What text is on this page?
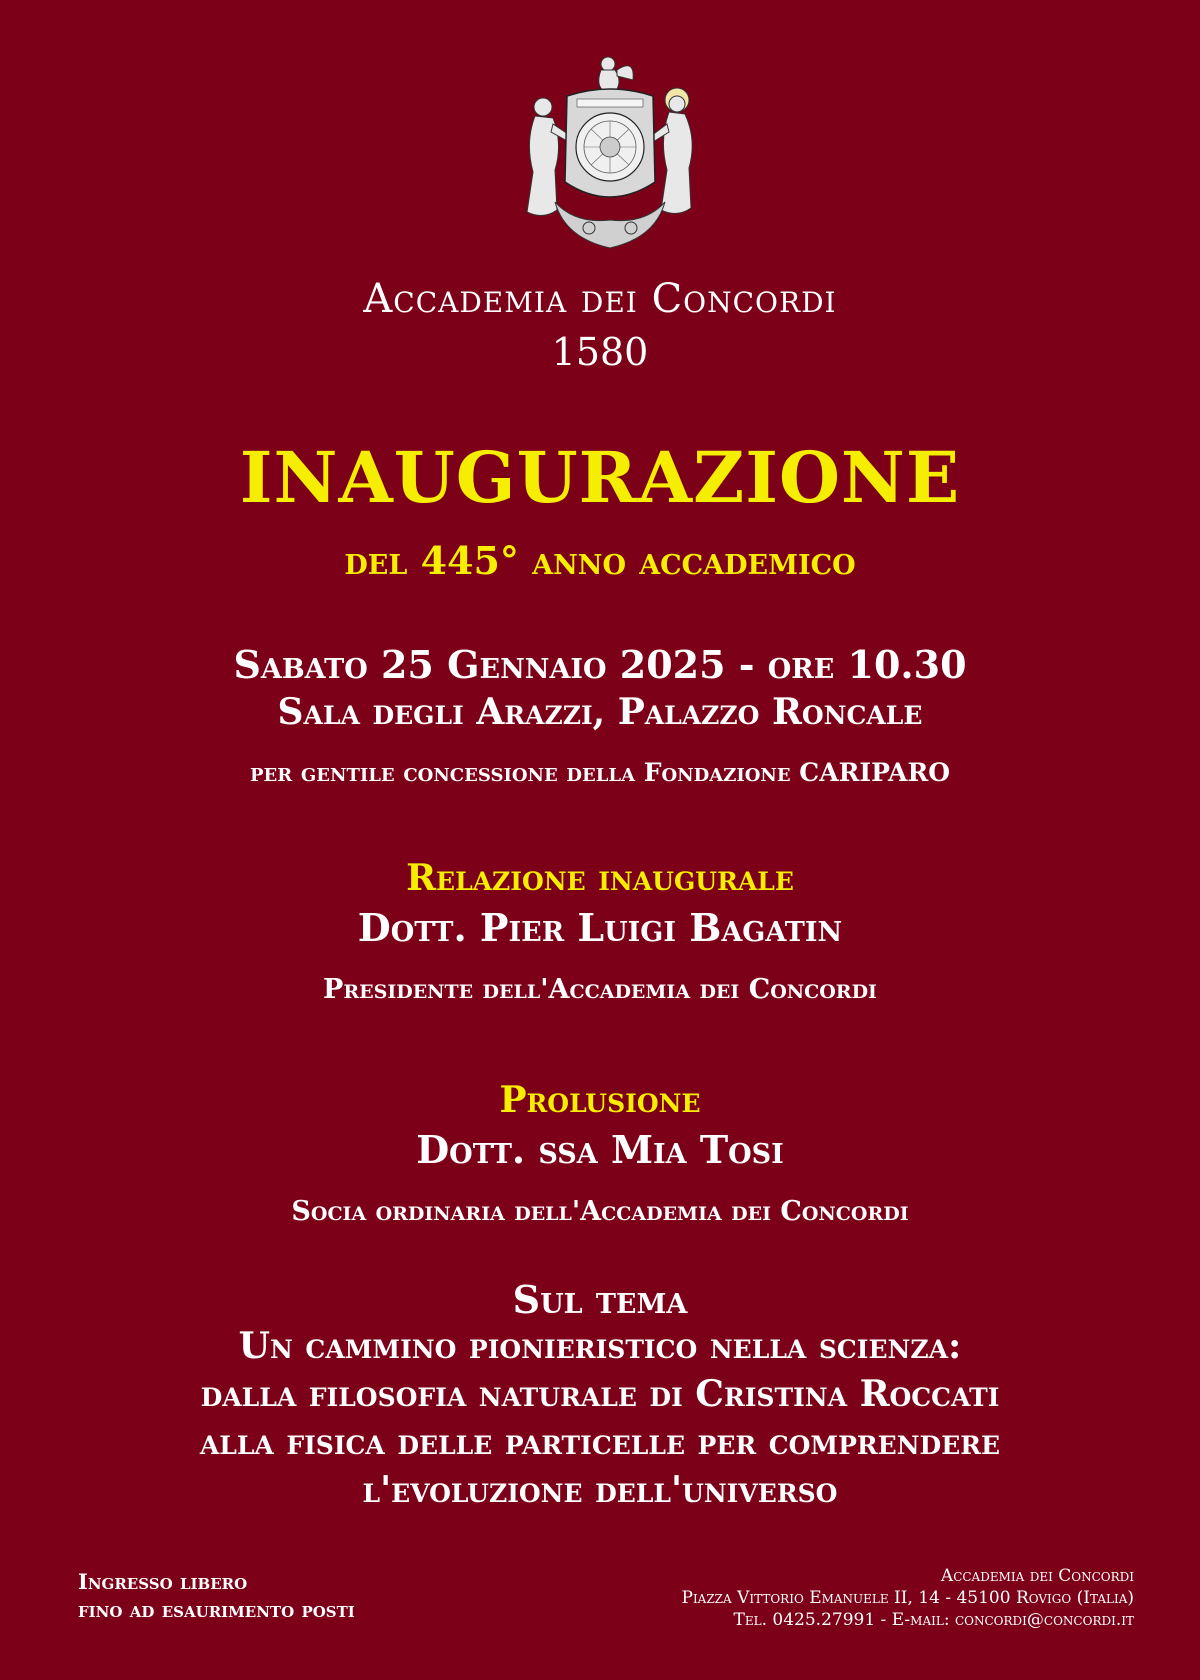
Accademia dei Concordi
1580
INAUGURAZIONE
del 445° anno accademico
Sabato 25 Gennaio 2025 - ore 10.30
Sala degli Arazzi, Palazzo Roncale
per gentile concessione della Fondazione CARIPARO
Relazione inaugurale
Dott. Pier Luigi Bagatin
Presidente dell'Accademia dei Concordi
Prolusione
Dott. ssa Mia Tosi
Socia ordinaria dell'Accademia dei Concordi
Sul tema
Un cammino pionieristico nella scienza:
dalla filosofia naturale di Cristina Roccati
alla fisica delle particelle per comprendere
l'evoluzione dell'universo
Ingresso libero
fino ad esaurimento posti
Accademia dei Concordi
Piazza Vittorio Emanuele II, 14 - 45100 Rovigo (Italia)
Tel. 0425.27991 - E-mail: concordi@concordi.it
